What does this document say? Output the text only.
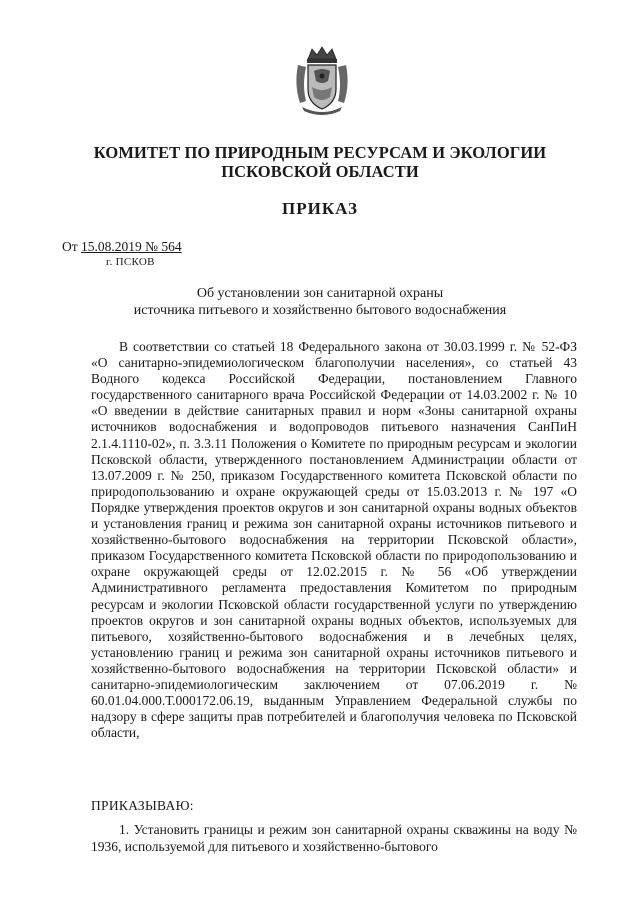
КОМИТЕТ ПО ПРИРОДНЫМ РЕСУРСАМ И ЭКОЛОГИИ
ПСКОВСКОЙ ОБЛАСТИ
ПРИКАЗ
От 15.08.2019 № 564
г. ПСКОВ
Об установлении зон санитарной охраны
источника питьевого и хозяйственно бытового водоснабжения

В соответствии со статьей 18 Федерального закона от 30.03.1999 г. № 52-ФЗ «О санитарно-эпидемиологическом благополучии населения», со статьей 43 Водного кодекса Российской Федерации, постановлением Главного государственного санитарного врача Российской Федерации от 14.03.2002 г. № 10 «О введении в действие санитарных правил и норм «Зоны санитарной охраны источников водоснабжения и водопроводов питьевого назначения СанПиН 2.1.4.1110-02», п. 3.3.11 Положения о Комитете по природным ресурсам и экологии Псковской области, утвержденного постановлением Администрации области от 13.07.2009 г. № 250, приказом Государственного комитета Псковской области по природопользованию и охране окружающей среды от 15.03.2013 г. № 197 «О Порядке утверждения проектов округов и зон санитарной охраны водных объектов и установления границ и режима зон санитарной охраны источников питьевого и хозяйственно-бытового водоснабжения на территории Псковской области», приказом Государственного комитета Псковской области по природопользованию и охране окружающей среды от 12.02.2015 г. № 56 «Об утверждении Административного регламента предоставления Комитетом по природным ресурсам и экологии Псковской области государственной услуги по утверждению проектов округов и зон санитарной охраны водных объектов, используемых для питьевого, хозяйственно-бытового водоснабжения и в лечебных целях, установлению границ и режима зон санитарной охраны источников питьевого и хозяйственно-бытового водоснабжения на территории Псковской области» и санитарно-эпидемиологическим заключением от 07.06.2019 г. № 60.01.04.000.Т.000172.06.19, выданным Управлением Федеральной службы по надзору в сфере защиты прав потребителей и благополучия человека по Псковской области,

ПРИКАЗЫВАЮ:

1. Установить границы и режим зон санитарной охраны скважины на воду № 1936, используемой для питьевого и хозяйственно-бытового
